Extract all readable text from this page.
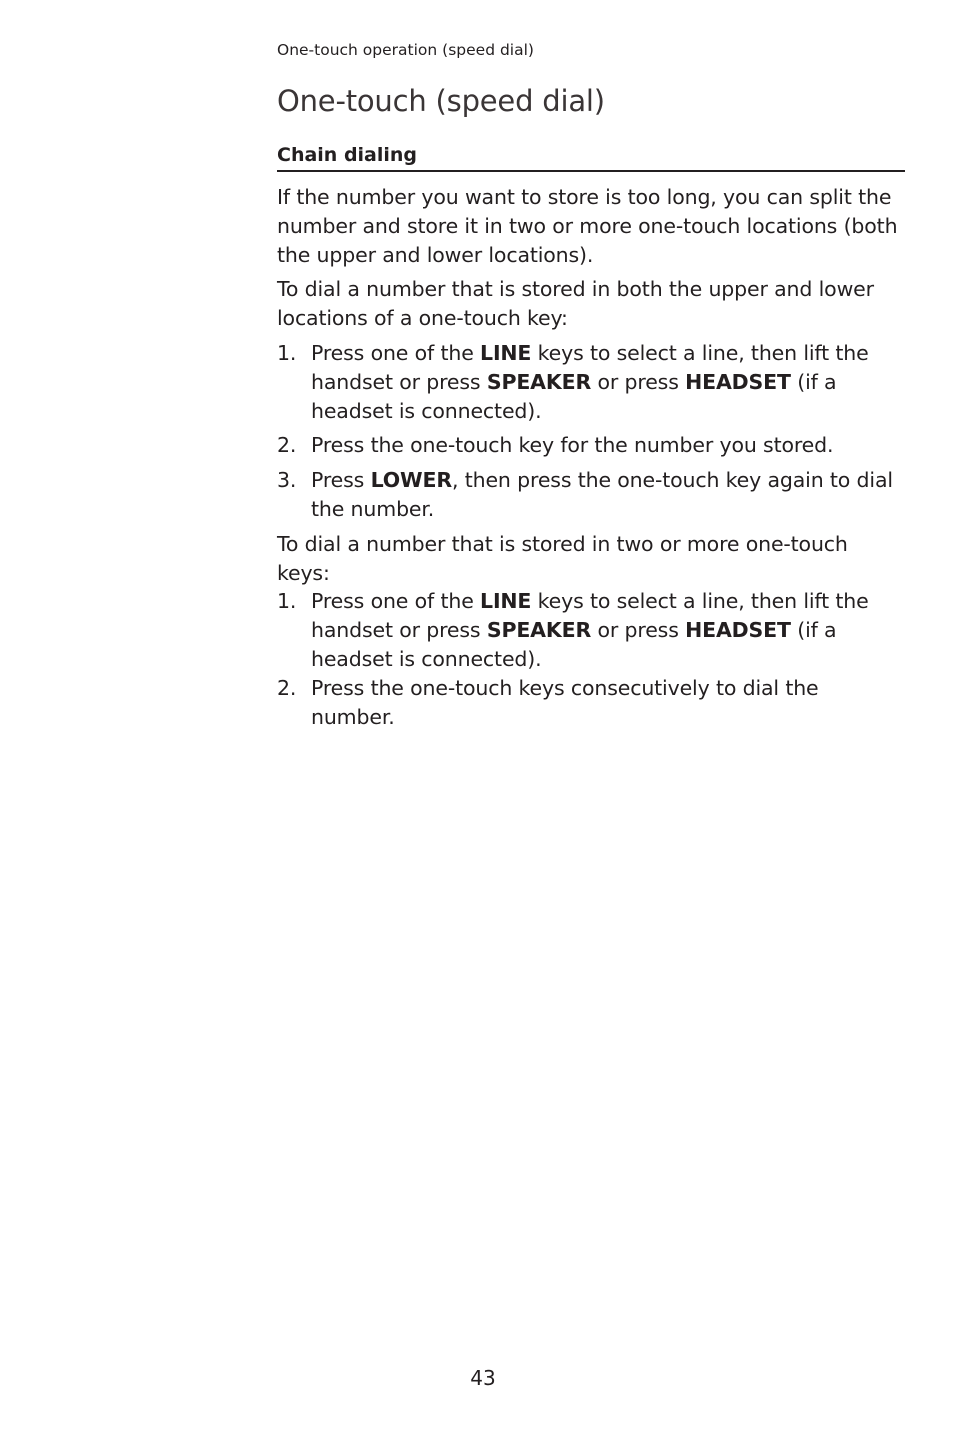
One-touch operation (speed dial)
One-touch (speed dial)
Chain dialing

If the number you want to store is too long, you can split the number and store it in two or more one-touch locations (both the upper and lower locations).

To dial a number that is stored in both the upper and lower locations of a one-touch key:

1. Press one of the LINE keys to select a line, then lift the handset or press SPEAKER or press HEADSET (if a headset is connected).
2. Press the one-touch key for the number you stored.
3. Press LOWER, then press the one-touch key again to dial the number.

To dial a number that is stored in two or more one-touch keys:

1. Press one of the LINE keys to select a line, then lift the handset or press SPEAKER or press HEADSET (if a headset is connected).
2. Press the one-touch keys consecutively to dial the number.
43
